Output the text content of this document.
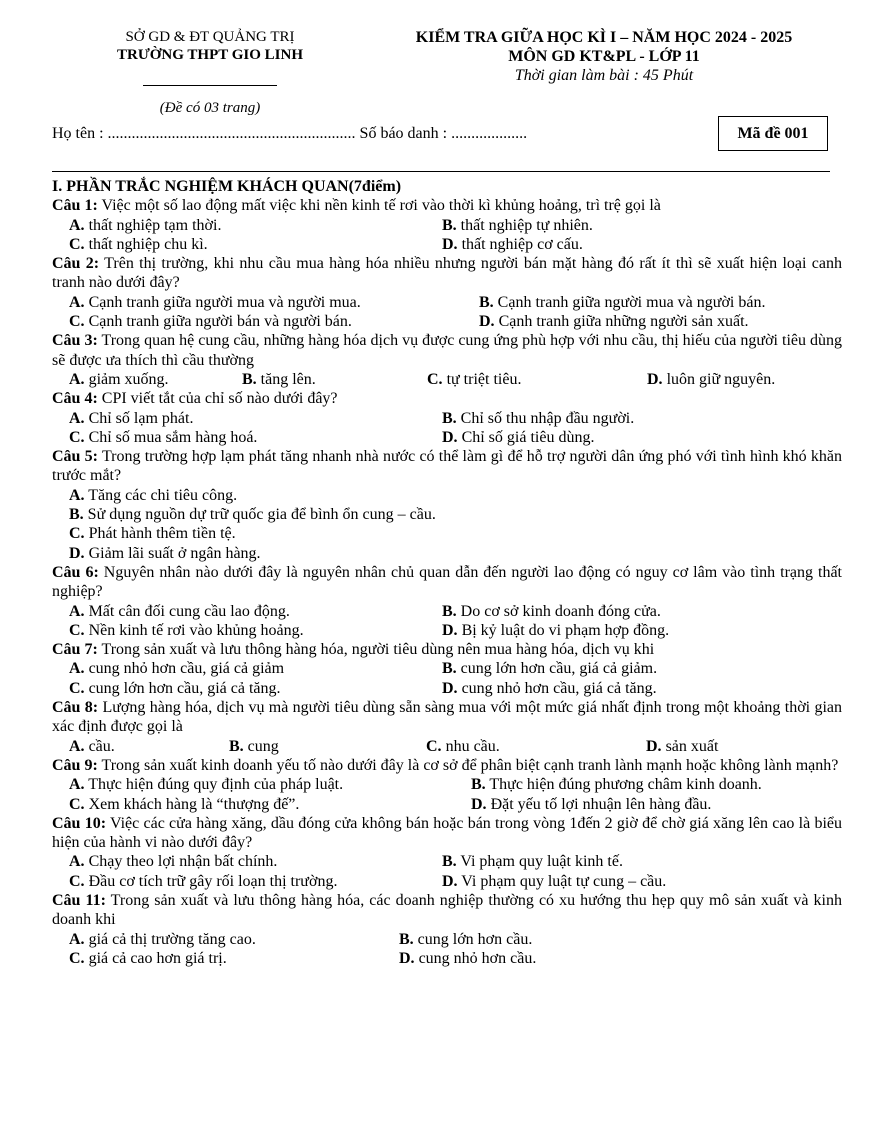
SỞ GD & ĐT QUẢNG TRỊ
TRƯỜNG THPT GIO LINH
(Đề có 03 trang)
KIỂM TRA GIỮA HỌC KÌ I – NĂM HỌC 2024 - 2025
MÔN GD KT&PL - LỚP 11
Thời gian làm bài : 45 Phút
Họ tên : .............................................................. Số báo danh : ...................	Mã đề 001
I. PHẦN TRẮC NGHIỆM KHÁCH QUAN(7điểm)
Câu 1: Việc một số lao động mất việc khi nền kinh tế rơi vào thời kì khủng hoảng, trì trệ gọi là
A. thất nghiệp tạm thời.	B. thất nghiệp tự nhiên.
C. thất nghiệp chu kì.	D. thất nghiệp cơ cấu.
Câu 2: Trên thị trường, khi nhu cầu mua hàng hóa nhiều nhưng người bán mặt hàng đó rất ít thì sẽ xuất hiện loại canh tranh nào dưới đây?
A. Cạnh tranh giữa người mua và người mua.	B. Cạnh tranh giữa người mua và người bán.
C. Cạnh tranh giữa người bán và người bán.	D. Cạnh tranh giữa những người sản xuất.
Câu 3: Trong quan hệ cung cầu, những hàng hóa dịch vụ được cung ứng phù hợp với nhu cầu, thị hiếu của người tiêu dùng sẽ được ưa thích thì cầu thường
A. giảm xuống.	B. tăng lên.	C. tự triệt tiêu.	D. luôn giữ nguyên.
Câu 4: CPI viết tắt của chỉ số nào dưới đây?
A. Chỉ số lạm phát.	B. Chỉ số thu nhập đầu người.
C. Chỉ số mua sắm hàng hoá.	D. Chỉ số giá tiêu dùng.
Câu 5: Trong trường hợp lạm phát tăng nhanh nhà nước có thể làm gì để hỗ trợ người dân ứng phó với tình hình khó khăn trước mắt?
A. Tăng các chi tiêu công.
B. Sử dụng nguồn dự trữ quốc gia để bình ổn cung – cầu.
C. Phát hành thêm tiền tệ.
D. Giảm lãi suất ở ngân hàng.
Câu 6: Nguyên nhân nào dưới đây là nguyên nhân chủ quan dẫn đến người lao động có nguy cơ lâm vào tình trạng thất nghiệp?
A. Mất cân đối cung cầu lao động.	B. Do cơ sở kinh doanh đóng cửa.
C. Nền kinh tế rơi vào khủng hoảng.	D. Bị kỷ luật do vi phạm hợp đồng.
Câu 7: Trong sản xuất và lưu thông hàng hóa, người tiêu dùng nên mua hàng hóa, dịch vụ khi
A. cung nhỏ hơn cầu, giá cả giảm	B. cung lớn hơn cầu, giá cả giảm.
C. cung lớn hơn cầu, giá cả tăng.	D. cung nhỏ hơn cầu, giá cả tăng.
Câu 8: Lượng hàng hóa, dịch vụ mà người tiêu dùng sẵn sàng mua với một mức giá nhất định trong một khoảng thời gian xác định được gọi là
A. cầu.	B. cung	C. nhu cầu.	D. sản xuất
Câu 9: Trong sản xuất kinh doanh yếu tố nào dưới đây là cơ sở để phân biệt cạnh tranh lành mạnh hoặc không lành mạnh?
A. Thực hiện đúng quy định của pháp luật.	B. Thực hiện đúng phương châm kinh doanh.
C. Xem khách hàng là “thượng đế”.	D. Đặt yếu tố lợi nhuận lên hàng đầu.
Câu 10: Việc các cửa hàng xăng, dầu đóng cửa không bán hoặc bán trong vòng 1đến 2 giờ để chờ giá xăng lên cao là biểu hiện của hành vi nào dưới đây?
A. Chạy theo lợi nhận bất chính.	B. Vi phạm quy luật kinh tế.
C. Đầu cơ tích trữ gây rối loạn thị trường.	D. Vi phạm quy luật tự cung – cầu.
Câu 11: Trong sản xuất và lưu thông hàng hóa, các doanh nghiệp thường có xu hướng thu hẹp quy mô sản xuất và kinh doanh khi
A. giá cả thị trường tăng cao.	B. cung lớn hơn cầu.
C. giá cả cao hơn giá trị.	D. cung nhỏ hơn cầu.
